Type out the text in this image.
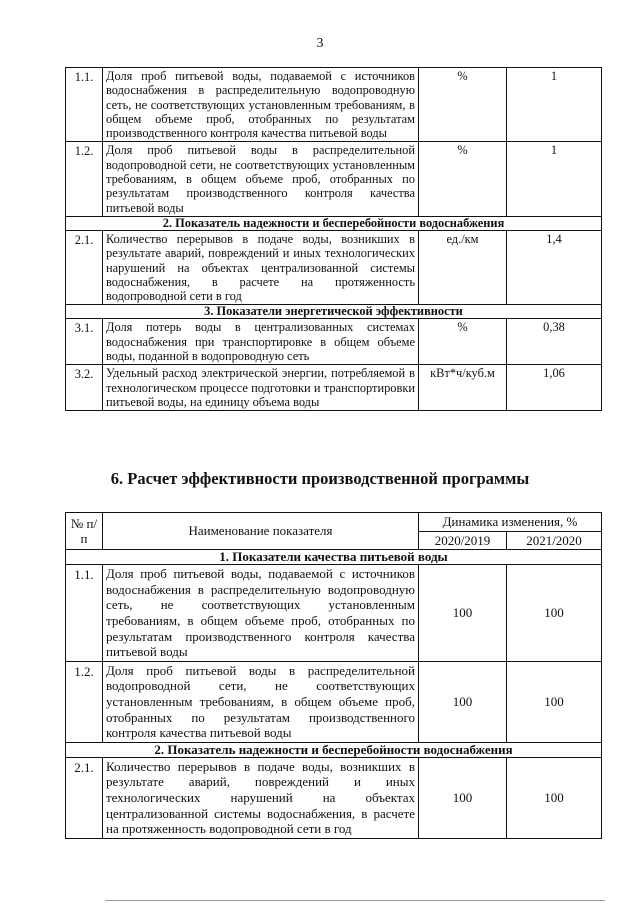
3
1.1.	Доля проб питьевой воды, подаваемой с источников водоснабжения в распределительную водопроводную сеть, не соответствующих установленным требованиям, в общем объеме проб, отобранных по результатам производственного контроля качества питьевой воды	%	1
1.2.	Доля проб питьевой воды в распределительной водопроводной сети, не соответствующих установленным требованиям, в общем объеме проб, отобранных по результатам производственного контроля качества питьевой воды	%	1
2. Показатель надежности и бесперебойности водоснабжения			
2.1.	Количество перерывов в подаче воды, возникших в результате аварий, повреждений и иных технологических нарушений на объектах централизованной системы водоснабжения, в расчете на протяженность водопроводной сети в год	ед./км	1,4
3. Показатели энергетической эффективности			
3.1.	Доля потерь воды в централизованных системах водоснабжения при транспортировке в общем объеме воды, поданной в водопроводную сеть	%	0,38
3.2.	Удельный расход электрической энергии, потребляемой в технологическом процессе подготовки и транспортировки питьевой воды, на единицу объема воды	кВт*ч/куб.м	1,06
6. Расчет эффективности производственной программы
№ п/п	Наименование показателя	Динамика изменения, %	
		2020/2019	2021/2020
1. Показатели качества питьевой воды			
1.1.	Доля проб питьевой воды, подаваемой с источников водоснабжения в распределительную водопроводную сеть, не соответствующих установленным требованиям, в общем объеме проб, отобранных по результатам производственного контроля качества питьевой воды	100	100
1.2.	Доля проб питьевой воды в распределительной водопроводной сети, не соответствующих установленным требованиям, в общем объеме проб, отобранных по результатам производственного контроля качества питьевой воды	100	100
2. Показатель надежности и бесперебойности водоснабжения			
2.1.	Количество перерывов в подаче воды, возникших в результате аварий, повреждений и иных технологических нарушений на объектах централизованной системы водоснабжения, в расчете на протяженность водопроводной сети в год	100	100
